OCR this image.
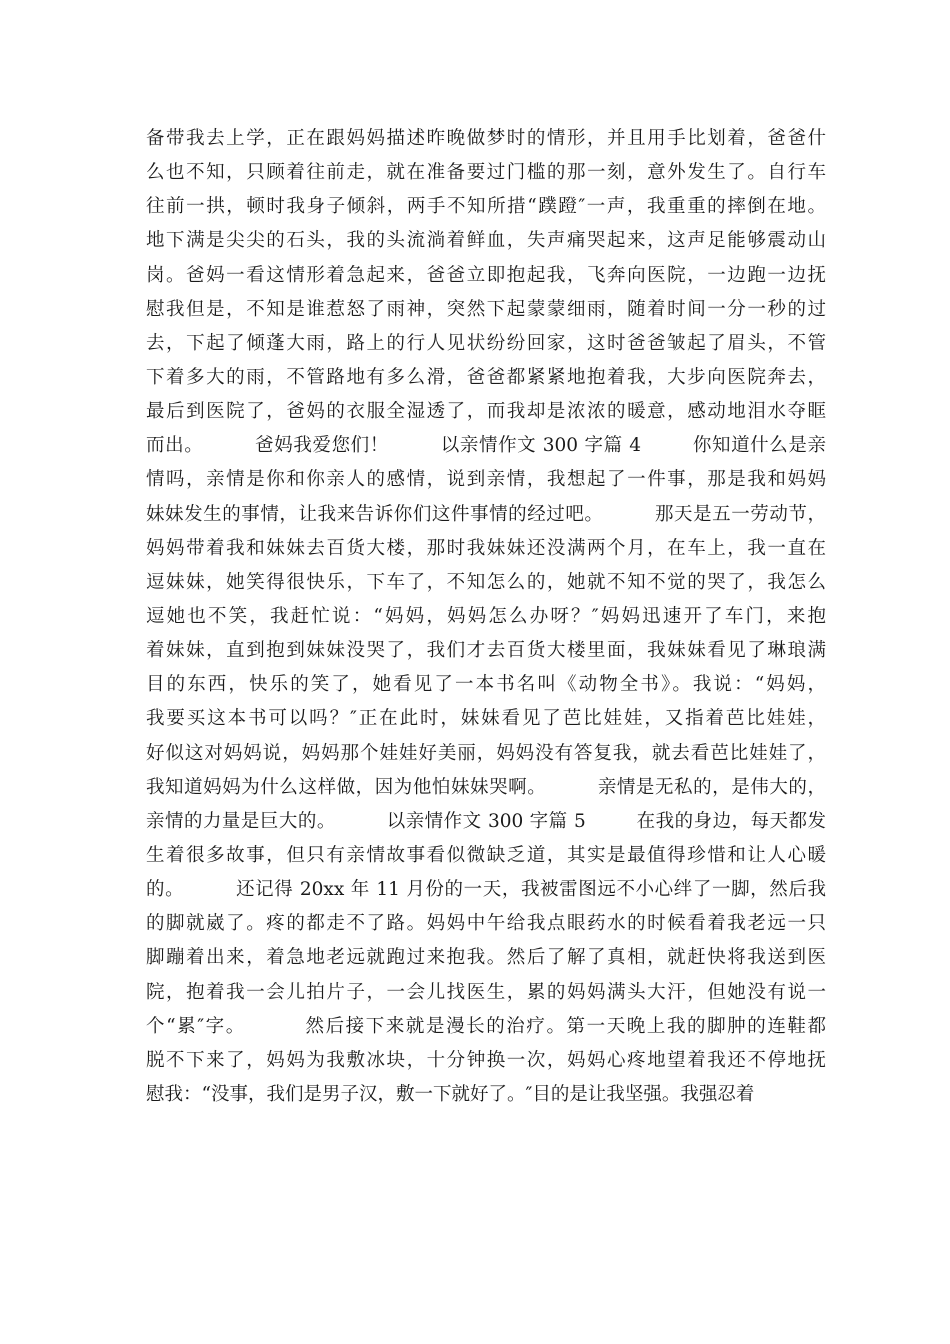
备带我去上学，正在跟妈妈描述昨晚做梦时的情形，并且用手比划着，爸爸什
么也不知，只顾着往前走，就在准备要过门槛的那一刻，意外发生了。自行车
往前一拱，顿时我身子倾斜，两手不知所措“蹼蹬″一声，我重重的摔倒在地。
地下满是尖尖的石头，我的头流淌着鲜血，失声痛哭起来，这声足能够震动山
岗。爸妈一看这情形着急起来，爸爸立即抱起我，飞奔向医院，一边跑一边抚
慰我但是，不知是谁惹怒了雨神，突然下起蒙蒙细雨，随着时间一分一秒的过
去，下起了倾蓬大雨，路上的行人见状纷纷回家，这时爸爸皱起了眉头，不管
下着多大的雨，不管路地有多么滑，爸爸都紧紧地抱着我，大步向医院奔去，
最后到医院了，爸妈的衣服全湿透了，而我却是浓浓的暖意，感动地泪水夺眶
而出。        爸妈我爱您们！        以亲情作文 300 字篇 4        你知道什么是亲
情吗，亲情是你和你亲人的感情，说到亲情，我想起了一件事，那是我和妈妈
妹妹发生的事情，让我来告诉你们这件事情的经过吧。        那天是五一劳动节，
妈妈带着我和妹妹去百货大楼，那时我妹妹还没满两个月，在车上，我一直在
逗妹妹，她笑得很快乐，下车了，不知怎么的，她就不知不觉的哭了，我怎么
逗她也不笑，我赶忙说：“妈妈，妈妈怎么办呀？″妈妈迅速开了车门，来抱
着妹妹，直到抱到妹妹没哭了，我们才去百货大楼里面，我妹妹看见了琳琅满
目的东西，快乐的笑了，她看见了一本书名叫《动物全书》。我说：“妈妈，
我要买这本书可以吗？″正在此时，妹妹看见了芭比娃娃，又指着芭比娃娃，
好似这对妈妈说，妈妈那个娃娃好美丽，妈妈没有答复我，就去看芭比娃娃了，
我知道妈妈为什么这样做，因为他怕妹妹哭啊。        亲情是无私的，是伟大的，
亲情的力量是巨大的。        以亲情作文 300 字篇 5        在我的身边，每天都发
生着很多故事，但只有亲情故事看似微缺乏道，其实是最值得珍惜和让人心暖
的。        还记得 20xx 年 11 月份的一天，我被雷图远不小心绊了一脚，然后我
的脚就崴了。疼的都走不了路。妈妈中午给我点眼药水的时候看着我老远一只
脚蹦着出来，着急地老远就跑过来抱我。然后了解了真相，就赶快将我送到医
院，抱着我一会儿拍片子，一会儿找医生，累的妈妈满头大汗，但她没有说一
个“累″字。        然后接下来就是漫长的治疗。第一天晚上我的脚肿的连鞋都
脱不下来了，妈妈为我敷冰块，十分钟换一次，妈妈心疼地望着我还不停地抚
慰我：“没事，我们是男子汉，敷一下就好了。″目的是让我坚强。我强忍着
